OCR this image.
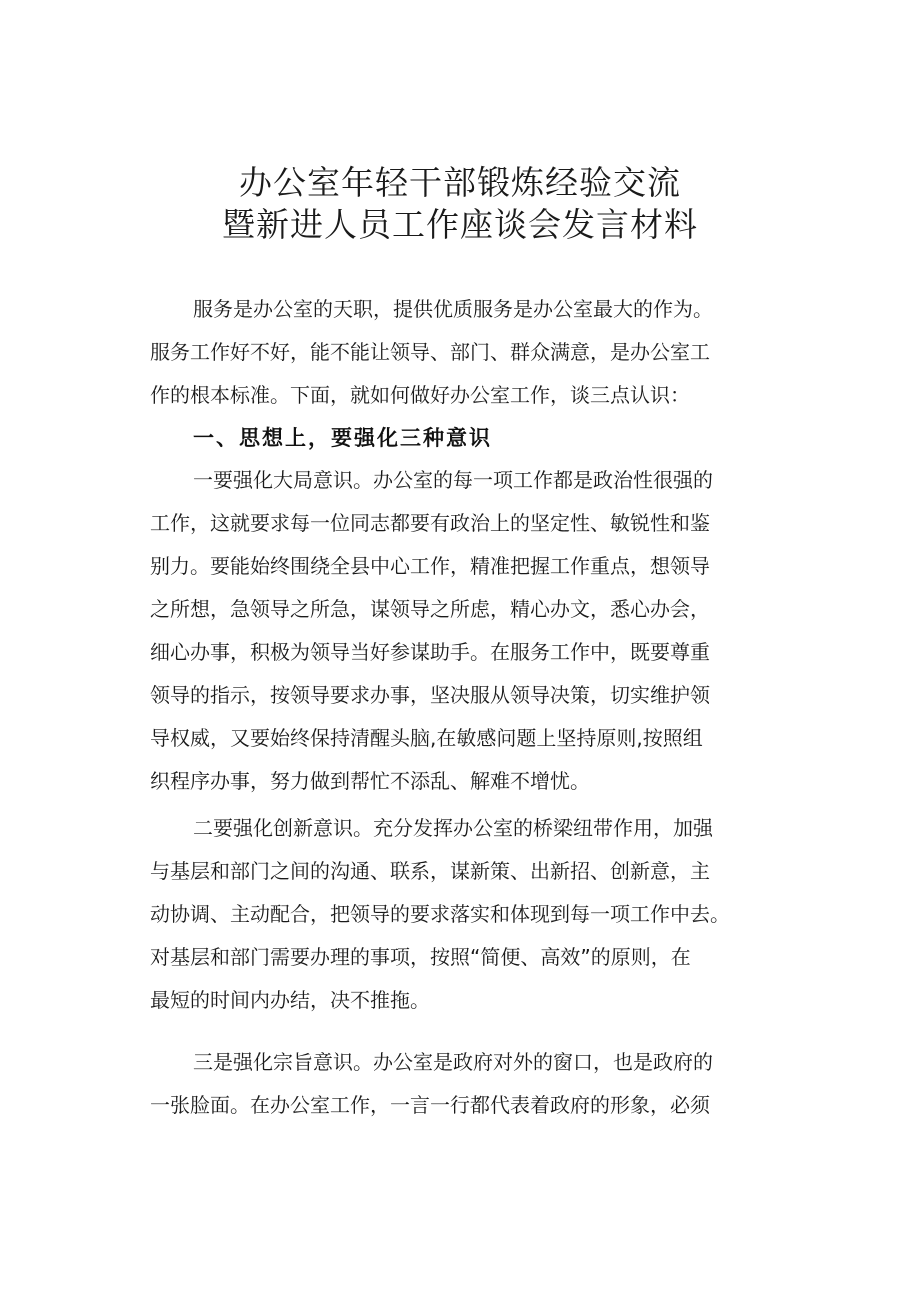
办公室年轻干部锻炼经验交流
暨新进人员工作座谈会发言材料
服务是办公室的天职，提供优质服务是办公室最大的作为。
服务工作好不好，能不能让领导、部门、群众满意，是办公室工
作的根本标准。下面，就如何做好办公室工作，谈三点认识：
一、思想上，要强化三种意识
一要强化大局意识。办公室的每一项工作都是政治性很强的
工作，这就要求每一位同志都要有政治上的坚定性、敏锐性和鉴
别力。要能始终围绕全县中心工作，精准把握工作重点，想领导
之所想，急领导之所急，谋领导之所虑，精心办文，悉心办会，
细心办事，积极为领导当好参谋助手。在服务工作中，既要尊重
领导的指示，按领导要求办事，坚决服从领导决策，切实维护领
导权威，又要始终保持清醒头脑,在敏感问题上坚持原则,按照组
织程序办事，努力做到帮忙不添乱、解难不增忧。
二要强化创新意识。充分发挥办公室的桥梁纽带作用，加强
与基层和部门之间的沟通、联系，谋新策、出新招、创新意，主
动协调、主动配合，把领导的要求落实和体现到每一项工作中去。
对基层和部门需要办理的事项，按照“简便、高效”的原则，在
最短的时间内办结，决不推拖。
三是强化宗旨意识。办公室是政府对外的窗口，也是政府的
一张脸面。在办公室工作，一言一行都代表着政府的形象，必须
